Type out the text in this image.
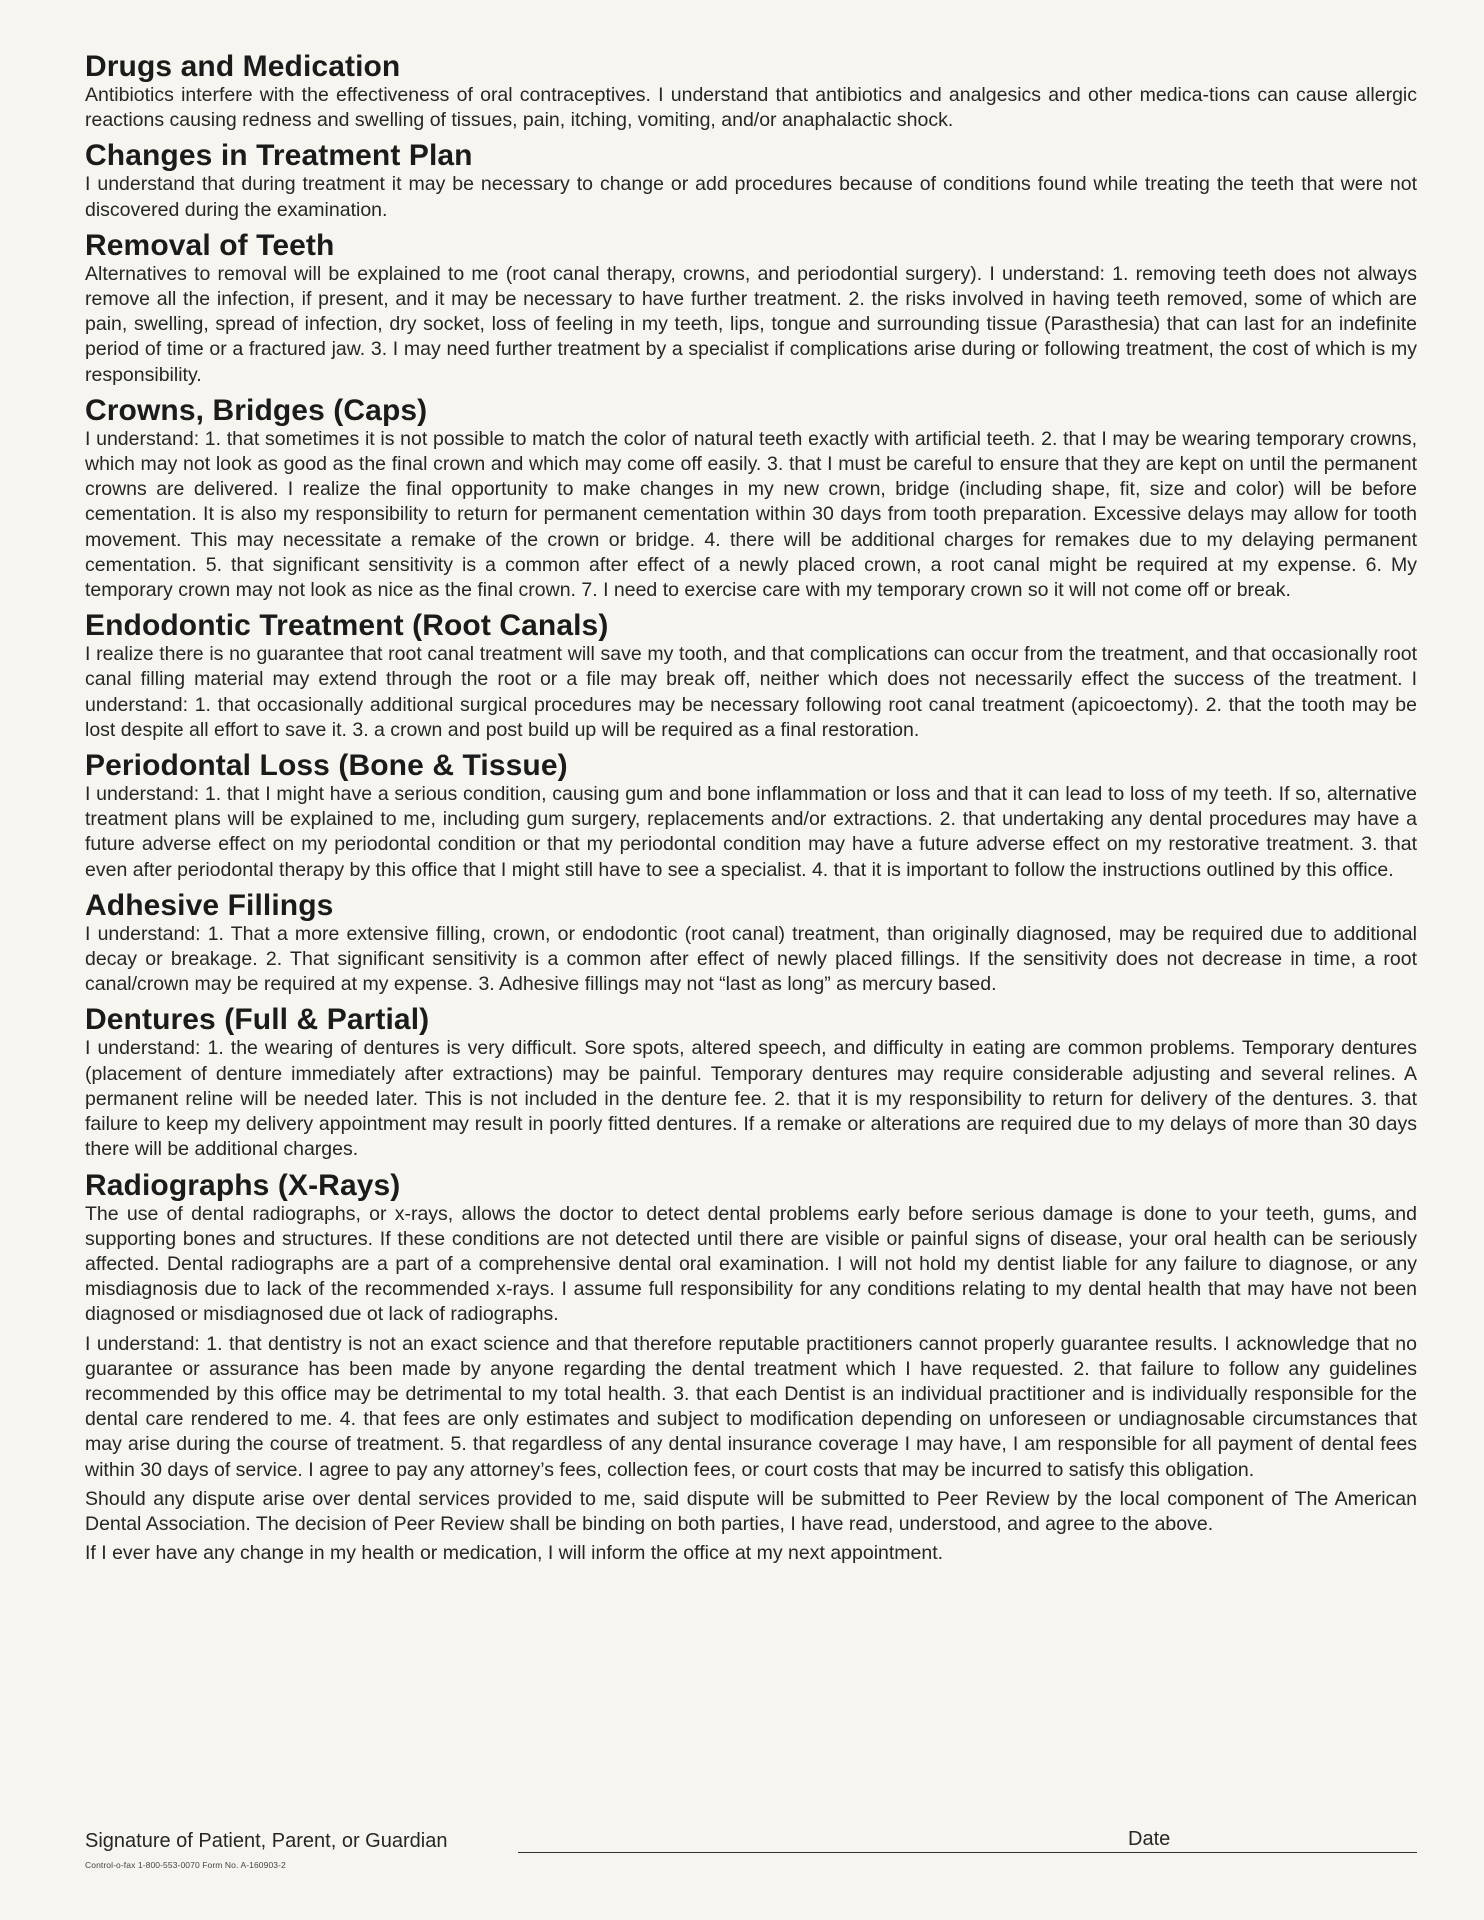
Drugs and Medication

Antibiotics interfere with the effectiveness of oral contraceptives. I understand that antibiotics and analgesics and other medica-tions can cause allergic reactions causing redness and swelling of tissues, pain, itching, vomiting, and/or anaphalactic shock.

Changes in Treatment Plan

I understand that during treatment it may be necessary to change or add procedures because of conditions found while treating the teeth that were not discovered during the examination.

Removal of Teeth

Alternatives to removal will be explained to me (root canal therapy, crowns, and periodontial surgery). I understand: 1. removing teeth does not always remove all the infection, if present, and it may be necessary to have further treatment. 2. the risks involved in having teeth removed, some of which are pain, swelling, spread of infection, dry socket, loss of feeling in my teeth, lips, tongue and surrounding tissue (Parasthesia) that can last for an indefinite period of time or a fractured jaw. 3. I may need further treatment by a specialist if complications arise during or following treatment, the cost of which is my responsibility.

Crowns, Bridges (Caps)

I understand: 1. that sometimes it is not possible to match the color of natural teeth exactly with artificial teeth. 2. that I may be wearing temporary crowns, which may not look as good as the final crown and which may come off easily. 3. that I must be careful to ensure that they are kept on until the permanent crowns are delivered. I realize the final opportunity to make changes in my new crown, bridge (including shape, fit, size and color) will be before cementation. It is also my responsibility to return for permanent cementation within 30 days from tooth preparation. Excessive delays may allow for tooth movement. This may necessitate a remake of the crown or bridge. 4. there will be additional charges for remakes due to my delaying permanent cementation. 5. that significant sensitivity is a common after effect of a newly placed crown, a root canal might be required at my expense. 6. My temporary crown may not look as nice as the final crown. 7. I need to exercise care with my temporary crown so it will not come off or break.

Endodontic Treatment (Root Canals)

I realize there is no guarantee that root canal treatment will save my tooth, and that complications can occur from the treatment, and that occasionally root canal filling material may extend through the root or a file may break off, neither which does not necessarily effect the success of the treatment. I understand: 1. that occasionally additional surgical procedures may be necessary following root canal treatment (apicoectomy). 2. that the tooth may be lost despite all effort to save it. 3. a crown and post build up will be required as a final restoration.

Periodontal Loss (Bone & Tissue)

I understand: 1. that I might have a serious condition, causing gum and bone inflammation or loss and that it can lead to loss of my teeth. If so, alternative treatment plans will be explained to me, including gum surgery, replacements and/or extractions. 2. that undertaking any dental procedures may have a future adverse effect on my periodontal condition or that my periodontal condition may have a future adverse effect on my restorative treatment. 3. that even after periodontal therapy by this office that I might still have to see a specialist. 4. that it is important to follow the instructions outlined by this office.

Adhesive Fillings

I understand: 1. That a more extensive filling, crown, or endodontic (root canal) treatment, than originally diagnosed, may be required due to additional decay or breakage. 2. That significant sensitivity is a common after effect of newly placed fillings. If the sensitivity does not decrease in time, a root canal/crown may be required at my expense. 3. Adhesive fillings may not “last as long” as mercury based.

Dentures (Full & Partial)

I understand: 1. the wearing of dentures is very difficult. Sore spots, altered speech, and difficulty in eating are common problems. Temporary dentures (placement of denture immediately after extractions) may be painful. Temporary dentures may require considerable adjusting and several relines. A permanent reline will be needed later. This is not included in the denture fee. 2. that it is my responsibility to return for delivery of the dentures. 3. that failure to keep my delivery appointment may result in poorly fitted dentures. If a remake or alterations are required due to my delays of more than 30 days there will be additional charges.

Radiographs (X-Rays)

The use of dental radiographs, or x-rays, allows the doctor to detect dental problems early before serious damage is done to your teeth, gums, and supporting bones and structures. If these conditions are not detected until there are visible or painful signs of disease, your oral health can be seriously affected. Dental radiographs are a part of a comprehensive dental oral examination. I will not hold my dentist liable for any failure to diagnose, or any misdiagnosis due to lack of the recommended x-rays. I assume full responsibility for any conditions relating to my dental health that may have not been diagnosed or misdiagnosed due ot lack of radiographs.

I understand: 1. that dentistry is not an exact science and that therefore reputable practitioners cannot properly guarantee results. I acknowledge that no guarantee or assurance has been made by anyone regarding the dental treatment which I have requested. 2. that failure to follow any guidelines recommended by this office may be detrimental to my total health. 3. that each Dentist is an individual practitioner and is individually responsible for the dental care rendered to me. 4. that fees are only estimates and subject to modification depending on unforeseen or undiagnosable circumstances that may arise during the course of treatment. 5. that regardless of any dental insurance coverage I may have, I am responsible for all payment of dental fees within 30 days of service. I agree to pay any attorney’s fees, collection fees, or court costs that may be incurred to satisfy this obligation.

Should any dispute arise over dental services provided to me, said dispute will be submitted to Peer Review by the local component of The American Dental Association. The decision of Peer Review shall be binding on both parties, I have read, understood, and agree to the above.

If I ever have any change in my health or medication, I will inform the office at my next appointment.

Signature of Patient, Parent, or Guardian	Date
Control-o-fax 1-800-553-0070 Form No. A-160903-2
